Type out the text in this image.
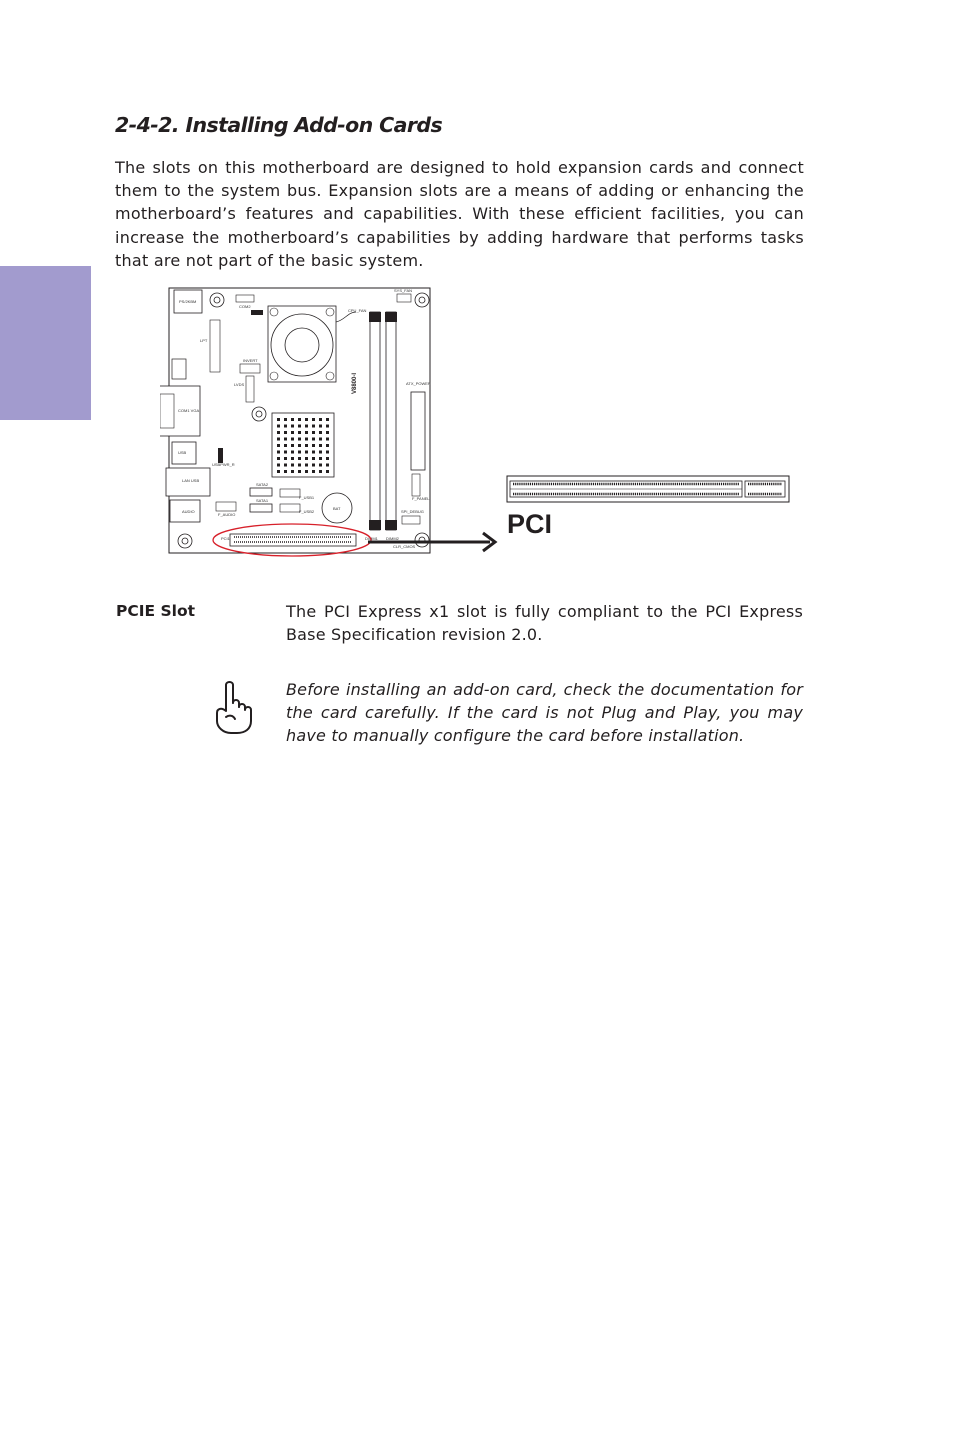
2-4-2. Installing Add-on Cards

The slots on this motherboard are designed to hold expansion cards and connect them to the system bus. Expansion slots are a means of adding or enhancing the motherboard’s features and capabilities. With these efficient facilities, you can increase the motherboard’s capabilities by adding hardware that performs tasks that are not part of the basic system.

PS/2KBM
COM2
LPT
COM1 VGA
USB
USBPWR_R
LAN USB
AUDIO
F_AUDIO
INVERT
LVDS
CPU_FAN
DIMM1 DIMM2
V8800-I
SYS_FAN
ATX_POWER
F_PANEL
SPI_DEBUG
CLR_CMOS
SATA2
SATA1
F_USB1
F_USB2
BAT
PCI1	PCI
PCIE Slot	The PCI Express x1 slot is fully compliant to the PCI Express Base Specification revision 2.0.

Before installing an add-on card, check the documentation for the card carefully. If the card is not Plug and Play, you may have to manually configure the card before installation.
